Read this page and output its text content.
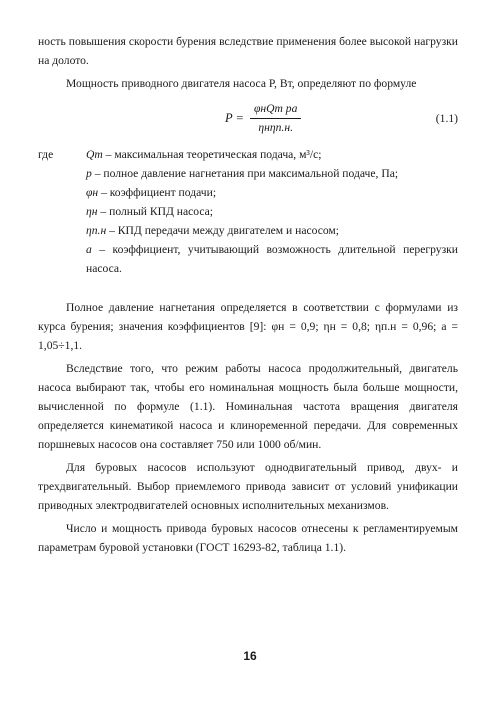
ность повышения скорости бурения вследствие применения более высокой нагрузки на долото.

Мощность приводного двигателя насоса P, Вт, определяют по формуле

$P = \frac{\text{φнQт pa}}{\text{ηнηп.н.}}$	(1.1)
где	Qт – максимальная теоретическая подача, м³/с;
p – полное давление нагнетания при максимальной подаче, Па;
φн – коэффициент подачи;
ηн – полный КПД насоса;
ηп.н – КПД передачи между двигателем и насосом;
a – коэффициент, учитывающий возможность длительной перегрузки насоса.

Полное давление нагнетания определяется в соответствии с формулами из курса бурения; значения коэффициентов [9]: φн = 0,9; ηн = 0,8; ηп.н = 0,96; a = 1,05÷1,1.

Вследствие того, что режим работы насоса продолжительный, двигатель насоса выбирают так, чтобы его номинальная мощность была больше мощности, вычисленной по формуле (1.1). Номинальная частота вращения двигателя определяется кинематикой насоса и клиноременной передачи. Для современных поршневых насосов она составляет 750 или 1000 об/мин.

Для буровых насосов используют однодвигательный привод, двух- и трехдвигательный. Выбор приемлемого привода зависит от условий унификации приводных электродвигателей основных исполнительных механизмов.

Число и мощность привода буровых насосов отнесены к регламентируемым параметрам буровой установки (ГОСТ 16293-82, таблица 1.1).

16
